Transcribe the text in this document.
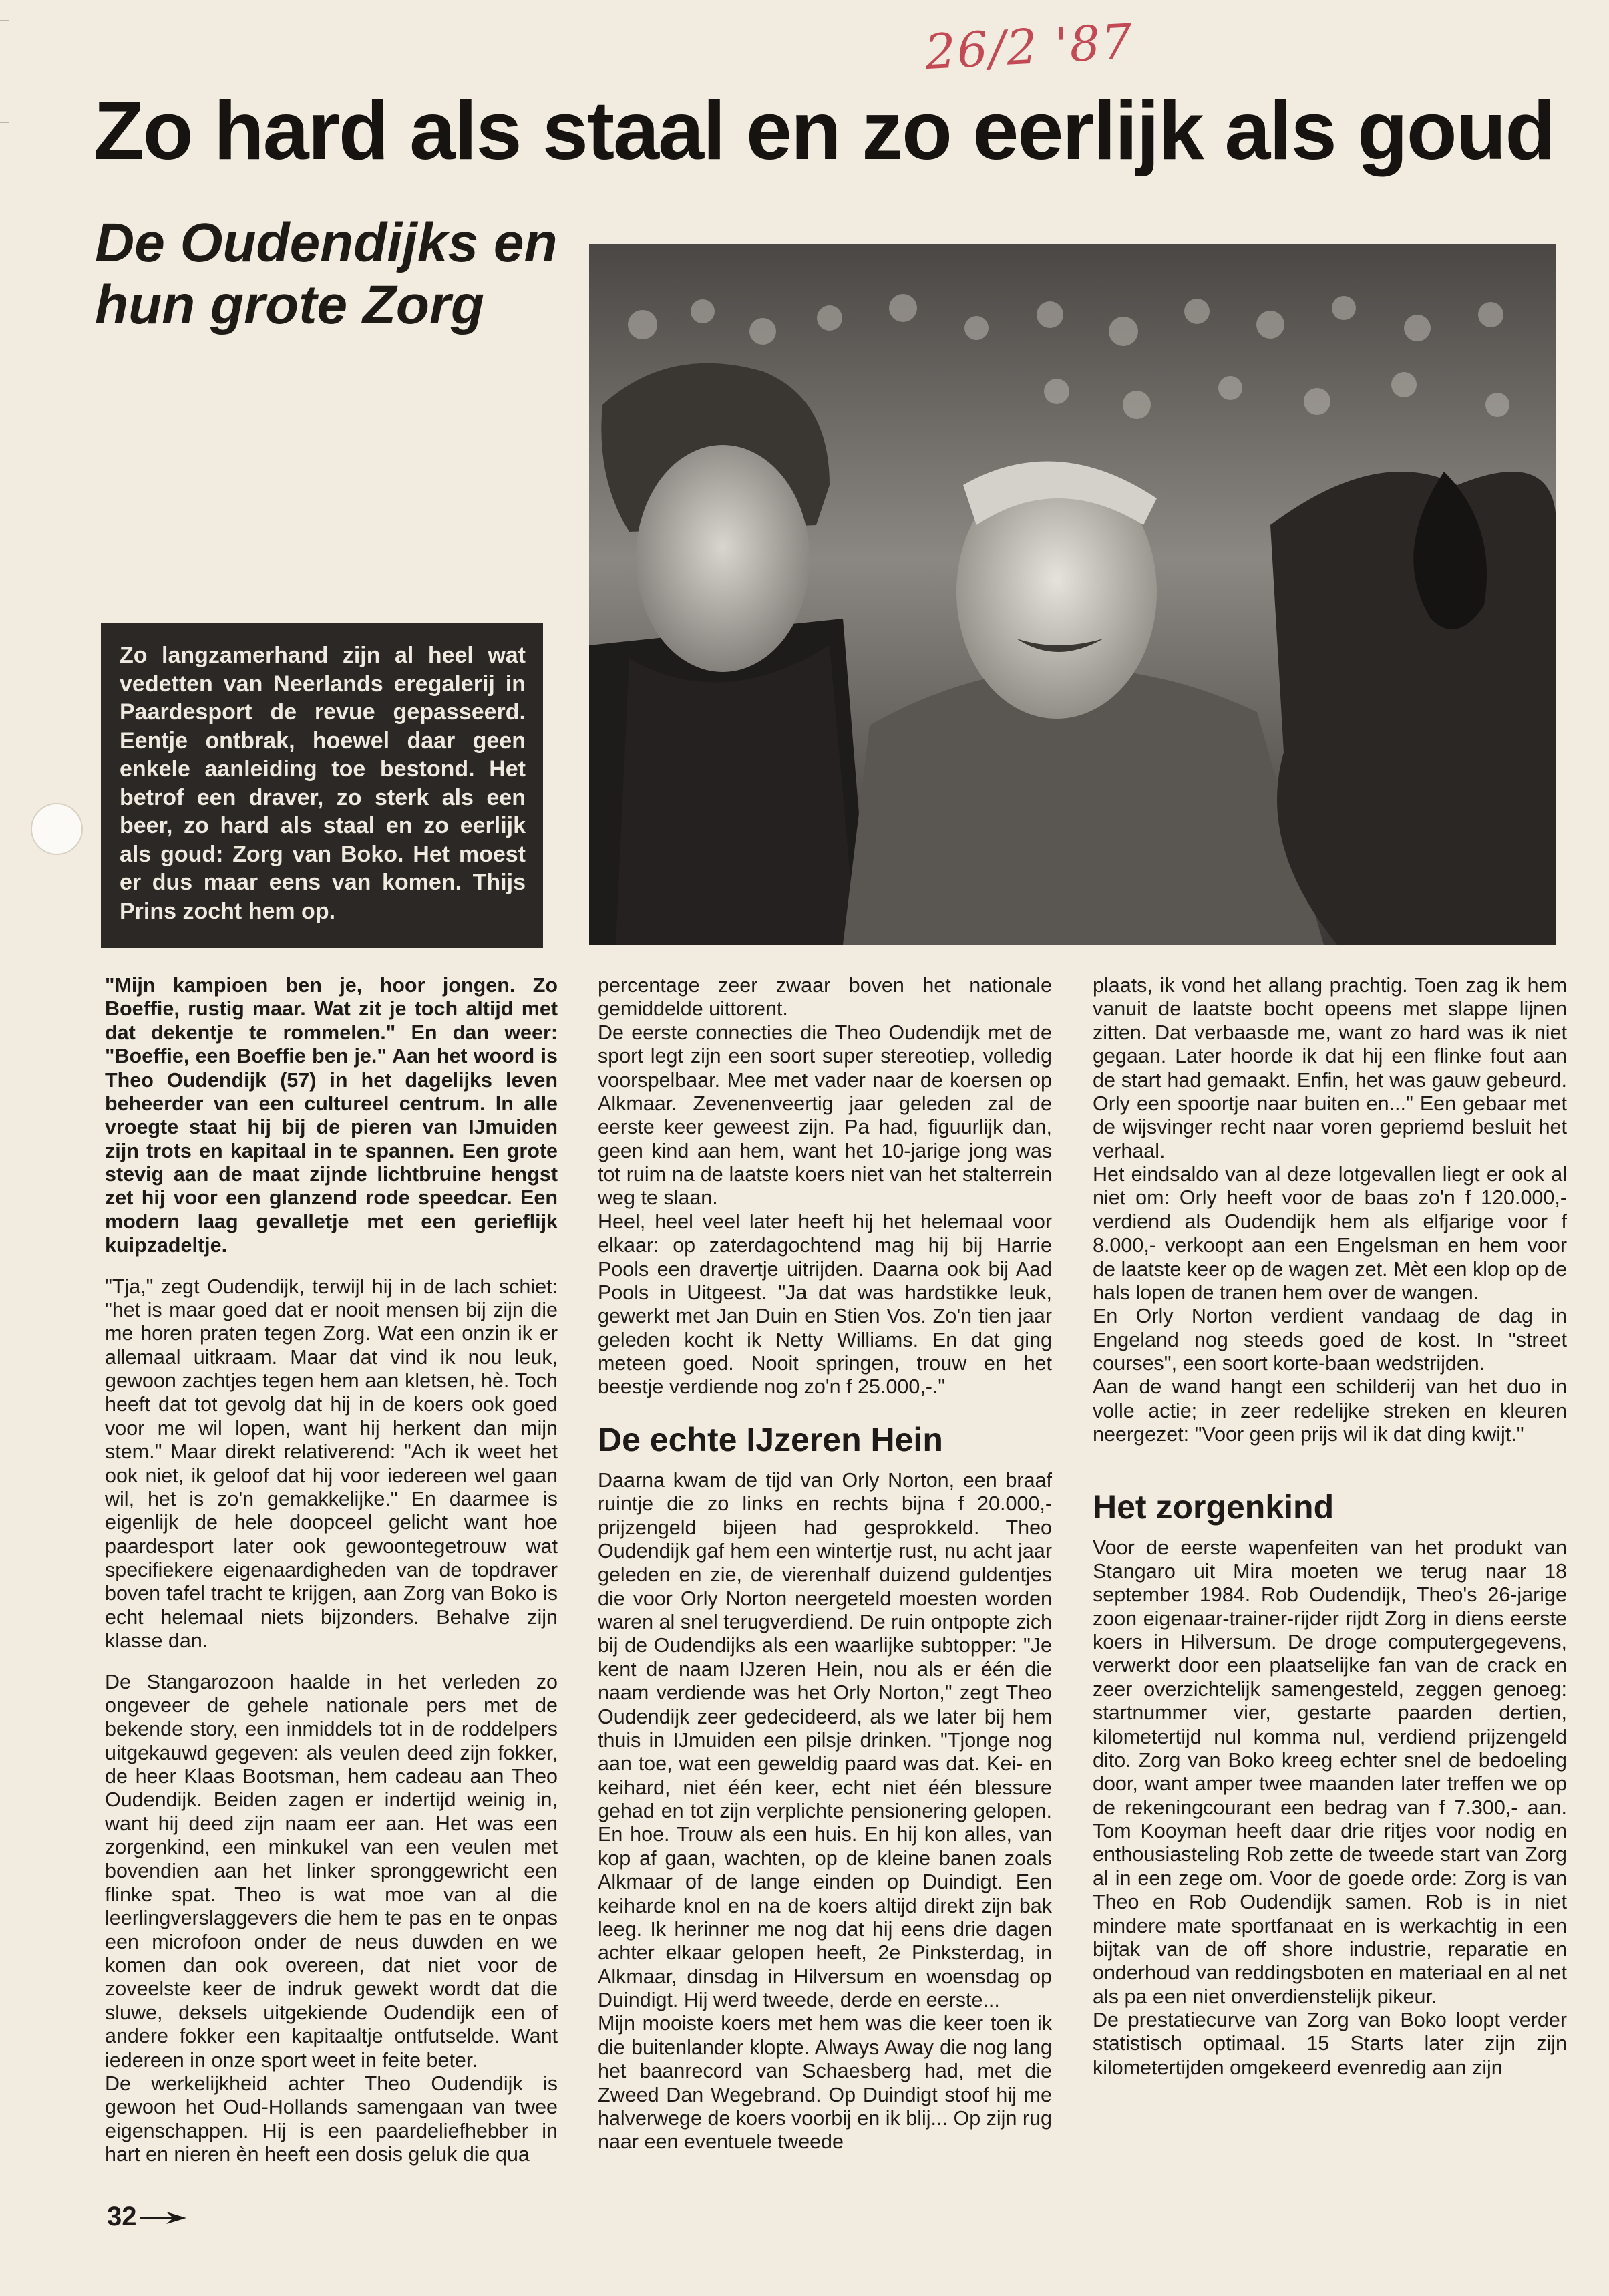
26/2 '87
Zo hard als staal en zo eerlijk als goud
De Oudendijks en hun grote Zorg
Zo langzamerhand zijn al heel wat vedetten van Neerlands eregalerij in Paardesport de revue gepasseerd. Eentje ontbrak, hoewel daar geen enkele aanleiding toe bestond. Het betrof een draver, zo sterk als een beer, zo hard als staal en zo eerlijk als goud: Zorg van Boko. Het moest er dus maar eens van komen. Thijs Prins zocht hem op.

"Mijn kampioen ben je, hoor jongen. Zo Boeffie, rustig maar. Wat zit je toch altijd met dat dekentje te rommelen." En dan weer: "Boeffie, een Boeffie ben je." Aan het woord is Theo Oudendijk (57) in het dagelijks leven beheerder van een cultureel centrum. In alle vroegte staat hij bij de pieren van IJmuiden zijn trots en kapitaal in te spannen. Een grote stevig aan de maat zijnde lichtbruine hengst zet hij voor een glanzend rode speedcar. Een modern laag gevalletje met een gerieflijk kuipzadeltje.

"Tja," zegt Oudendijk, terwijl hij in de lach schiet: "het is maar goed dat er nooit mensen bij zijn die me horen praten tegen Zorg. Wat een onzin ik er allemaal uitkraam. Maar dat vind ik nou leuk, gewoon zachtjes tegen hem aan kletsen, hè. Toch heeft dat tot gevolg dat hij in de koers ook goed voor me wil lopen, want hij herkent dan mijn stem." Maar direkt relativerend: "Ach ik weet het ook niet, ik geloof dat hij voor iedereen wel gaan wil, het is zo'n gemakkelijke." En daarmee is eigenlijk de hele doopceel gelicht want hoe paardesport later ook gewoontegetrouw wat specifiekere eigenaardigheden van de topdraver boven tafel tracht te krijgen, aan Zorg van Boko is echt helemaal niets bijzonders. Behalve zijn klasse dan.

De Stangarozoon haalde in het verleden zo ongeveer de gehele nationale pers met de bekende story, een inmiddels tot in de roddelpers uitgekauwd gegeven: als veulen deed zijn fokker, de heer Klaas Bootsman, hem cadeau aan Theo Oudendijk. Beiden zagen er indertijd weinig in, want hij deed zijn naam eer aan. Het was een zorgenkind, een minkukel van een veulen met bovendien aan het linker spronggewricht een flinke spat. Theo is wat moe van al die leerlingverslaggevers die hem te pas en te onpas een microfoon onder de neus duwden en we komen dan ook overeen, dat niet voor de zoveelste keer de indruk gewekt wordt dat die sluwe, deksels uitgekiende Oudendijk een of andere fokker een kapitaaltje ontfutselde. Want iedereen in onze sport weet in feite beter.

De werkelijkheid achter Theo Oudendijk is gewoon het Oud-Hollands samengaan van twee eigenschappen. Hij is een paardeliefhebber in hart en nieren èn heeft een dosis geluk die qua

percentage zeer zwaar boven het nationale gemiddelde uittorent.

De eerste connecties die Theo Oudendijk met de sport legt zijn een soort super stereotiep, volledig voorspelbaar. Mee met vader naar de koersen op Alkmaar. Zevenenveertig jaar geleden zal de eerste keer geweest zijn. Pa had, figuurlijk dan, geen kind aan hem, want het 10-jarige jong was tot ruim na de laatste koers niet van het stalterrein weg te slaan.

Heel, heel veel later heeft hij het helemaal voor elkaar: op zaterdagochtend mag hij bij Harrie Pools een dravertje uitrijden. Daarna ook bij Aad Pools in Uitgeest. "Ja dat was hardstikke leuk, gewerkt met Jan Duin en Stien Vos. Zo'n tien jaar geleden kocht ik Netty Williams. En dat ging meteen goed. Nooit springen, trouw en het beestje verdiende nog zo'n f 25.000,-."

De echte IJzeren Hein

Daarna kwam de tijd van Orly Norton, een braaf ruintje die zo links en rechts bijna f 20.000,- prijzengeld bijeen had gesprokkeld. Theo Oudendijk gaf hem een wintertje rust, nu acht jaar geleden en zie, de vierenhalf duizend guldentjes die voor Orly Norton neergeteld moesten worden waren al snel terugverdiend. De ruin ontpopte zich bij de Oudendijks als een waarlijke subtopper: "Je kent de naam IJzeren Hein, nou als er één die naam verdiende was het Orly Norton," zegt Theo Oudendijk zeer gedecideerd, als we later bij hem thuis in IJmuiden een pilsje drinken. "Tjonge nog aan toe, wat een geweldig paard was dat. Kei- en keihard, niet één keer, echt niet één blessure gehad en tot zijn verplichte pensionering gelopen. En hoe. Trouw als een huis. En hij kon alles, van kop af gaan, wachten, op de kleine banen zoals Alkmaar of de lange einden op Duindigt. Een keiharde knol en na de koers altijd direkt zijn bak leeg. Ik herinner me nog dat hij eens drie dagen achter elkaar gelopen heeft, 2e Pinksterdag, in Alkmaar, dinsdag in Hilversum en woensdag op Duindigt. Hij werd tweede, derde en eerste...

Mijn mooiste koers met hem was die keer toen ik die buitenlander klopte. Always Away die nog lang het baanrecord van Schaesberg had, met die Zweed Dan Wegebrand. Op Duindigt stoof hij me halverwege de koers voorbij en ik blij... Op zijn rug naar een eventuele tweede

plaats, ik vond het allang prachtig. Toen zag ik hem vanuit de laatste bocht opeens met slappe lijnen zitten. Dat verbaasde me, want zo hard was ik niet gegaan. Later hoorde ik dat hij een flinke fout aan de start had gemaakt. Enfin, het was gauw gebeurd. Orly een spoortje naar buiten en..." Een gebaar met de wijsvinger recht naar voren gepriemd besluit het verhaal.

Het eindsaldo van al deze lotgevallen liegt er ook al niet om: Orly heeft voor de baas zo'n f 120.000,- verdiend als Oudendijk hem als elfjarige voor f 8.000,- verkoopt aan een Engelsman en hem voor de laatste keer op de wagen zet. Mèt een klop op de hals lopen de tranen hem over de wangen.

En Orly Norton verdient vandaag de dag in Engeland nog steeds goed de kost. In "street courses", een soort korte-baan wedstrijden.

Aan de wand hangt een schilderij van het duo in volle actie; in zeer redelijke streken en kleuren neergezet: "Voor geen prijs wil ik dat ding kwijt."

Het zorgenkind

Voor de eerste wapenfeiten van het produkt van Stangaro uit Mira moeten we terug naar 18 september 1984. Rob Oudendijk, Theo's 26-jarige zoon eigenaar-trainer-rijder rijdt Zorg in diens eerste koers in Hilversum. De droge computergegevens, verwerkt door een plaatselijke fan van de crack en zeer overzichtelijk samengesteld, zeggen genoeg: startnummer vier, gestarte paarden dertien, kilometertijd nul komma nul, verdiend prijzengeld dito. Zorg van Boko kreeg echter snel de bedoeling door, want amper twee maanden later treffen we op de rekeningcourant een bedrag van f 7.300,- aan. Tom Kooyman heeft daar drie ritjes voor nodig en enthousiasteling Rob zette de tweede start van Zorg al in een zege om. Voor de goede orde: Zorg is van Theo en Rob Oudendijk samen. Rob is in niet mindere mate sportfanaat en is werkachtig in een bijtak van de off shore industrie, reparatie en onderhoud van reddingsboten en materiaal en al net als pa een niet onverdienstelijk pikeur.

De prestatiecurve van Zorg van Boko loopt verder statistisch optimaal. 15 Starts later zijn zijn kilometertijden omgekeerd evenredig aan zijn

32
